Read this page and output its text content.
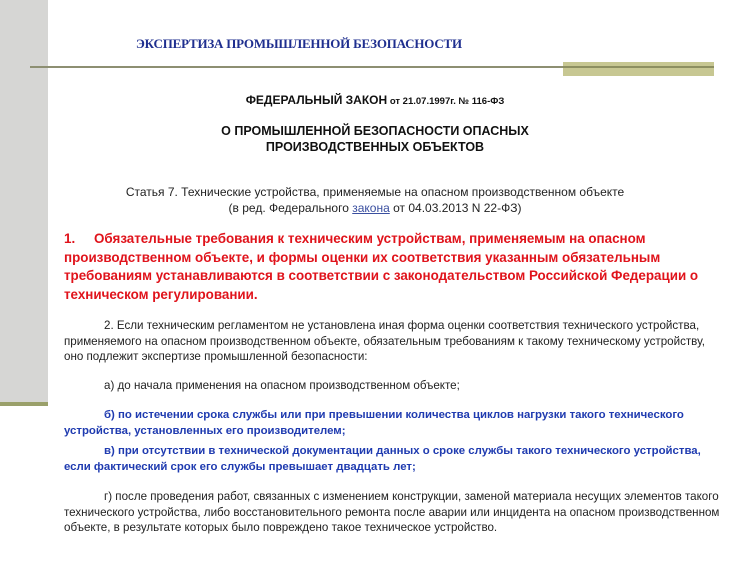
ЭКСПЕРТИЗА ПРОМЫШЛЕННОЙ БЕЗОПАСНОСТИ
ФЕДЕРАЛЬНЫЙ ЗАКОН от 21.07.1997г. № 116-ФЗ
О ПРОМЫШЛЕННОЙ БЕЗОПАСНОСТИ ОПАСНЫХ
ПРОИЗВОДСТВЕННЫХ ОБЪЕКТОВ
Статья 7. Технические устройства, применяемые на опасном производственном объекте
(в ред. Федерального закона от 04.03.2013 N 22-ФЗ)
1. Обязательные требования к техническим устройствам, применяемым на опасном производственном объекте, и формы оценки их соответствия указанным обязательным требованиям устанавливаются в соответствии с законодательством Российской Федерации о техническом регулировании.

2. Если техническим регламентом не установлена иная форма оценки соответствия технического устройства, применяемого на опасном производственном объекте, обязательным требованиям к такому техническому устройству, оно подлежит экспертизе промышленной безопасности:

а) до начала применения на опасном производственном объекте;

б) по истечении срока службы или при превышении количества циклов нагрузки такого технического устройства, установленных его производителем;

в) при отсутствии в технической документации данных о сроке службы такого технического устройства, если фактический срок его службы превышает двадцать лет;

г) после проведения работ, связанных с изменением конструкции, заменой материала несущих элементов такого технического устройства, либо восстановительного ремонта после аварии или инцидента на опасном производственном объекте, в результате которых было повреждено такое техническое устройство.
